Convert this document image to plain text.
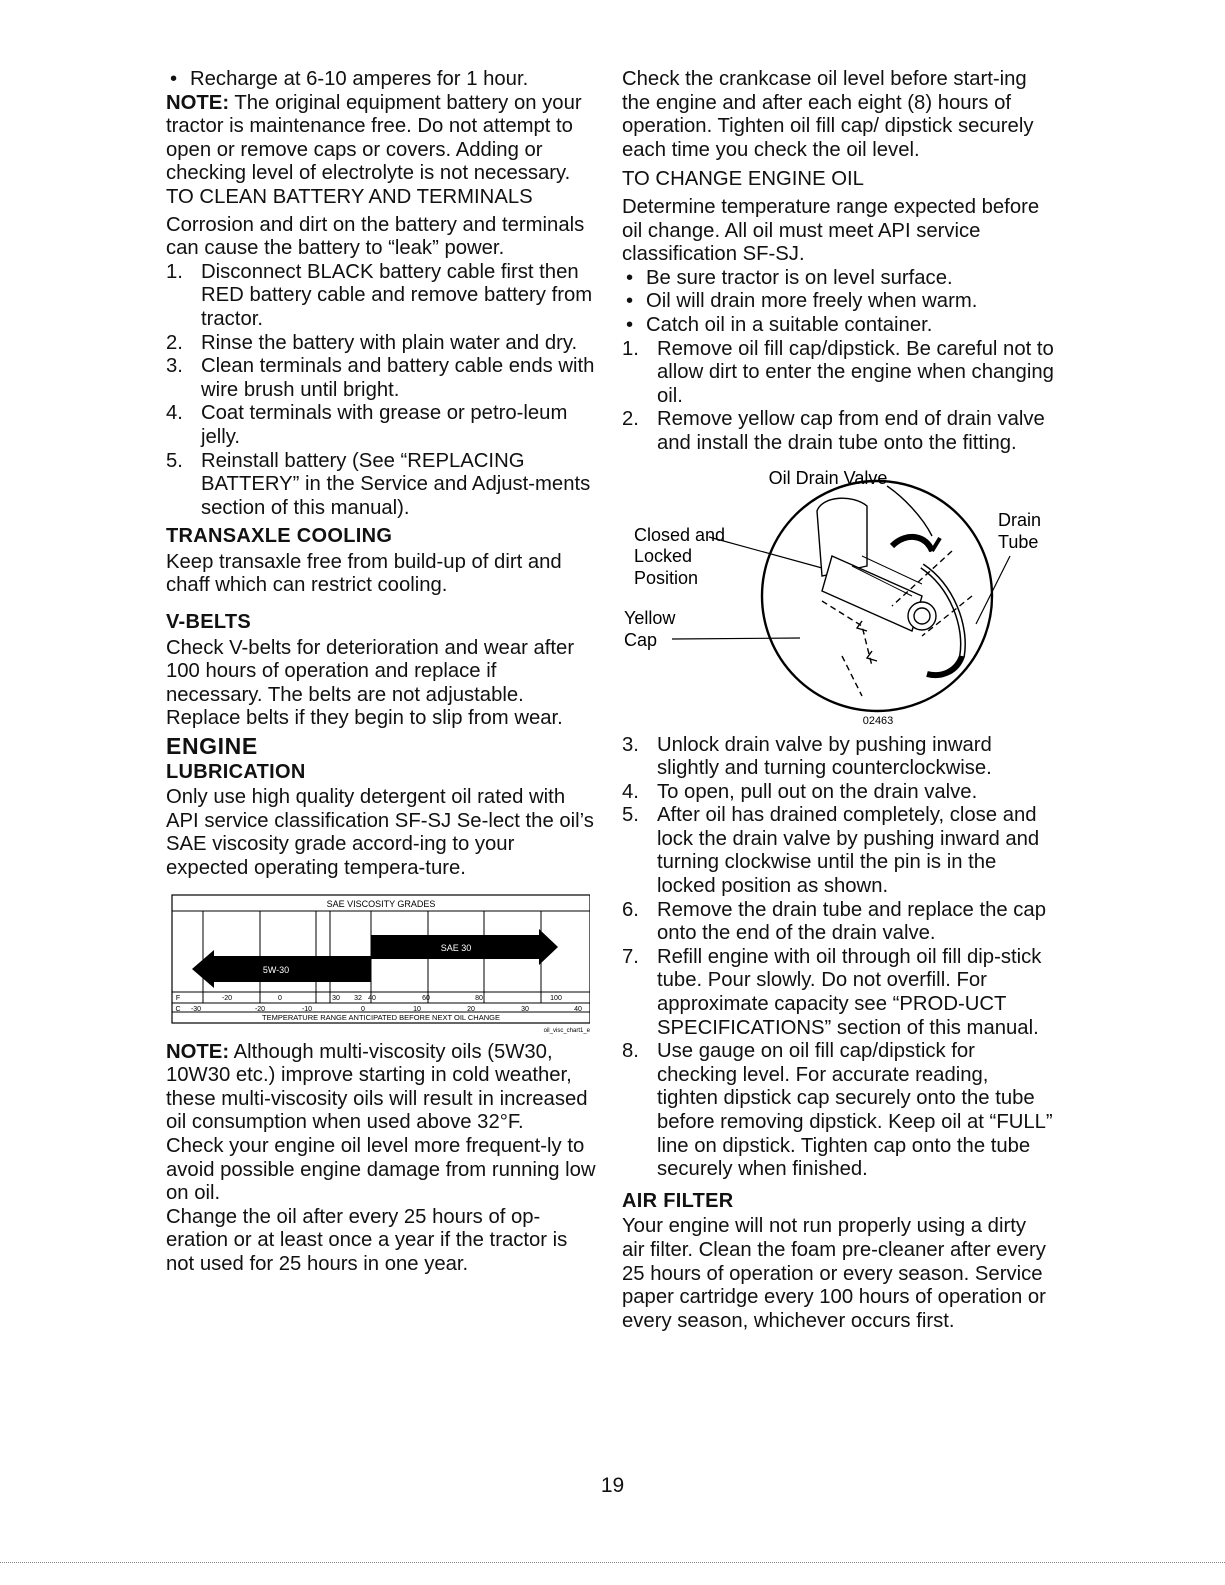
• Recharge at 6-10 amperes for 1 hour.

NOTE: The original equipment battery on your tractor is maintenance free. Do not attempt to open or remove caps or covers. Adding or checking level of electrolyte is not necessary.

TO CLEAN BATTERY AND TERMINALS

Corrosion and dirt on the battery and terminals can cause the battery to “leak” power.

1. Disconnect BLACK battery cable first then RED battery cable and remove battery from tractor.
2. Rinse the battery with plain water and dry.
3. Clean terminals and battery cable ends with wire brush until bright.
4. Coat terminals with grease or petro-leum jelly.
5. Reinstall battery (See “REPLACING BATTERY” in the Service and Adjust-ments section of this manual).
TRANSAXLE COOLING

Keep transaxle free from build-up of dirt and chaff which can restrict cooling.

V-BELTS

Check V-belts for deterioration and wear after 100 hours of operation and replace if necessary. The belts are not adjustable. Replace belts if they begin to slip from wear.

ENGINE
LUBRICATION

Only use high quality detergent oil rated with API service classification SF-SJ Se-lect the oil’s SAE viscosity grade accord-ing to your expected operating tempera-ture.

SAE VISCOSITY GRADES
SAE 30
5W-30
F	-20	0	30 32 40	60	80	100
C -30	-20	-10	0	10	20	30	40
TEMPERATURE RANGE ANTICIPATED BEFORE NEXT OIL CHANGE
oil_visc_chart1_e

NOTE: Although multi-viscosity oils (5W30, 10W30 etc.) improve starting in cold weather, these multi-viscosity oils will result in increased oil consumption when used above 32°F.

Check your engine oil level more frequent-ly to avoid possible engine damage from running low on oil.

Change the oil after every 25 hours of op-eration or at least once a year if the tractor is not used for 25 hours in one year.

Check the crankcase oil level before start-ing the engine and after each eight (8) hours of operation. Tighten oil fill cap/ dipstick securely each time you check the oil level.

TO CHANGE ENGINE OIL

Determine temperature range expected before oil change. All oil must meet API service classification SF-SJ.

• Be sure tractor is on level surface.
• Oil will drain more freely when warm.
• Catch oil in a suitable container.
1. Remove oil fill cap/dipstick. Be careful not to allow dirt to enter the engine when changing oil.
2. Remove yellow cap from end of drain valve and install the drain tube onto the fitting.
Oil Drain Valve
Closed and
Locked
Position
Yellow
Cap
Drain
Tube
02463
3. Unlock drain valve by pushing inward slightly and turning counterclockwise.
4. To open, pull out on the drain valve.
5. After oil has drained completely, close and lock the drain valve by pushing inward and turning clockwise until the pin is in the locked position as shown.
6. Remove the drain tube and replace the cap onto the end of the drain valve.
7. Refill engine with oil through oil fill dip-stick tube. Pour slowly. Do not overfill. For approximate capacity see “PROD-UCT SPECIFICATIONS” section of this manual.
8. Use gauge on oil fill cap/dipstick for checking level. For accurate reading, tighten dipstick cap securely onto the tube before removing dipstick. Keep oil at “FULL” line on dipstick. Tighten cap onto the tube securely when finished.
AIR FILTER

Your engine will not run properly using a dirty air filter. Clean the foam pre-cleaner after every 25 hours of operation or every season. Service paper cartridge every 100 hours of operation or every season, whichever occurs first.

19
